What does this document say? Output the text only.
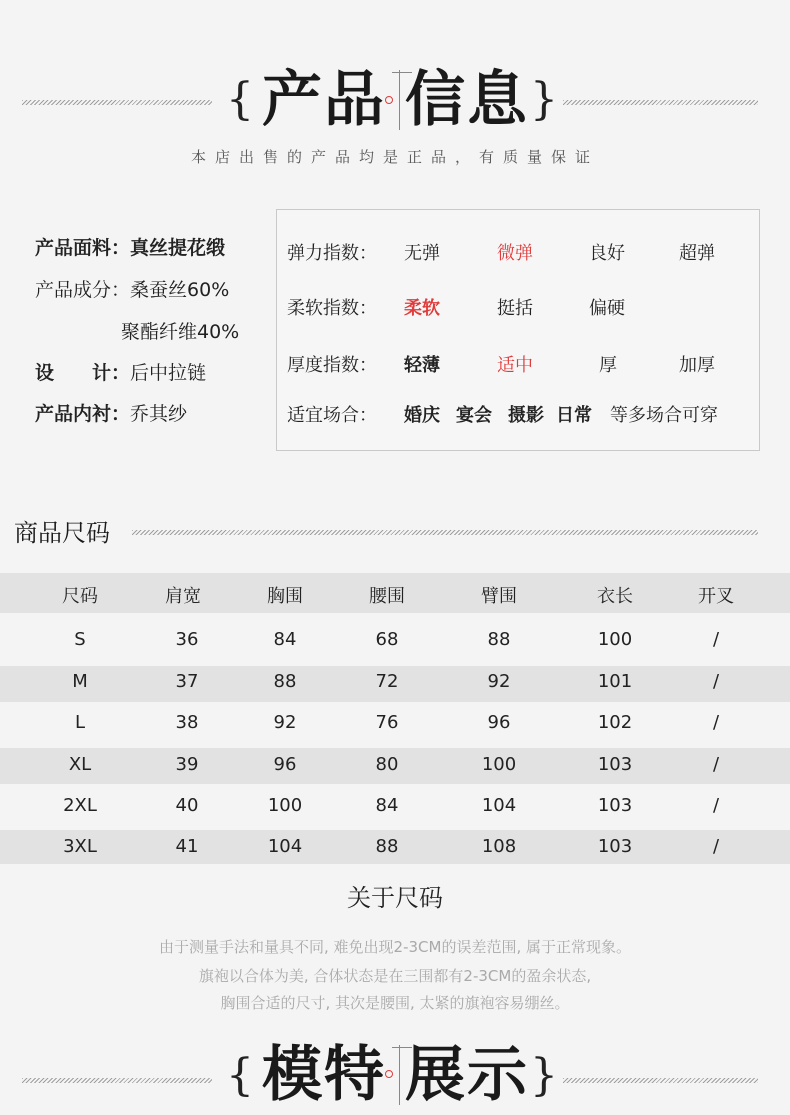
{ 产品 信息 }
本店出售的产品均是正品，有质量保证
产品面料：真丝提花缎
产品成分：桑蚕丝60%
聚酯纤维40%
设　　计：后中拉链
产品内衬：乔其纱
弹力指数： 无弹	微弹	良好	超弹
柔软指数： 柔软	挺括	偏硬
厚度指数： 轻薄	适中	厚	加厚
适宜场合： 婚庆 宴会 摄影 日常 等多场合可穿
商品尺码
尺码	肩宽	胸围	腰围	臂围	衣长	开叉
S	36	84	68	88	100	/
M	37	88	72	92	101	/
L	38	92	76	96	102	/
XL	39	96	80	100	103	/
2XL	40	100	84	104	103	/
3XL	41	104	88	108	103	/
关于尺码
由于测量手法和量具不同, 难免出现2-3CM的误差范围, 属于正常现象。
旗袍以合体为美, 合体状态是在三围都有2-3CM的盈余状态,
胸围合适的尺寸, 其次是腰围, 太紧的旗袍容易绷丝。
{ 模特 展示 }
